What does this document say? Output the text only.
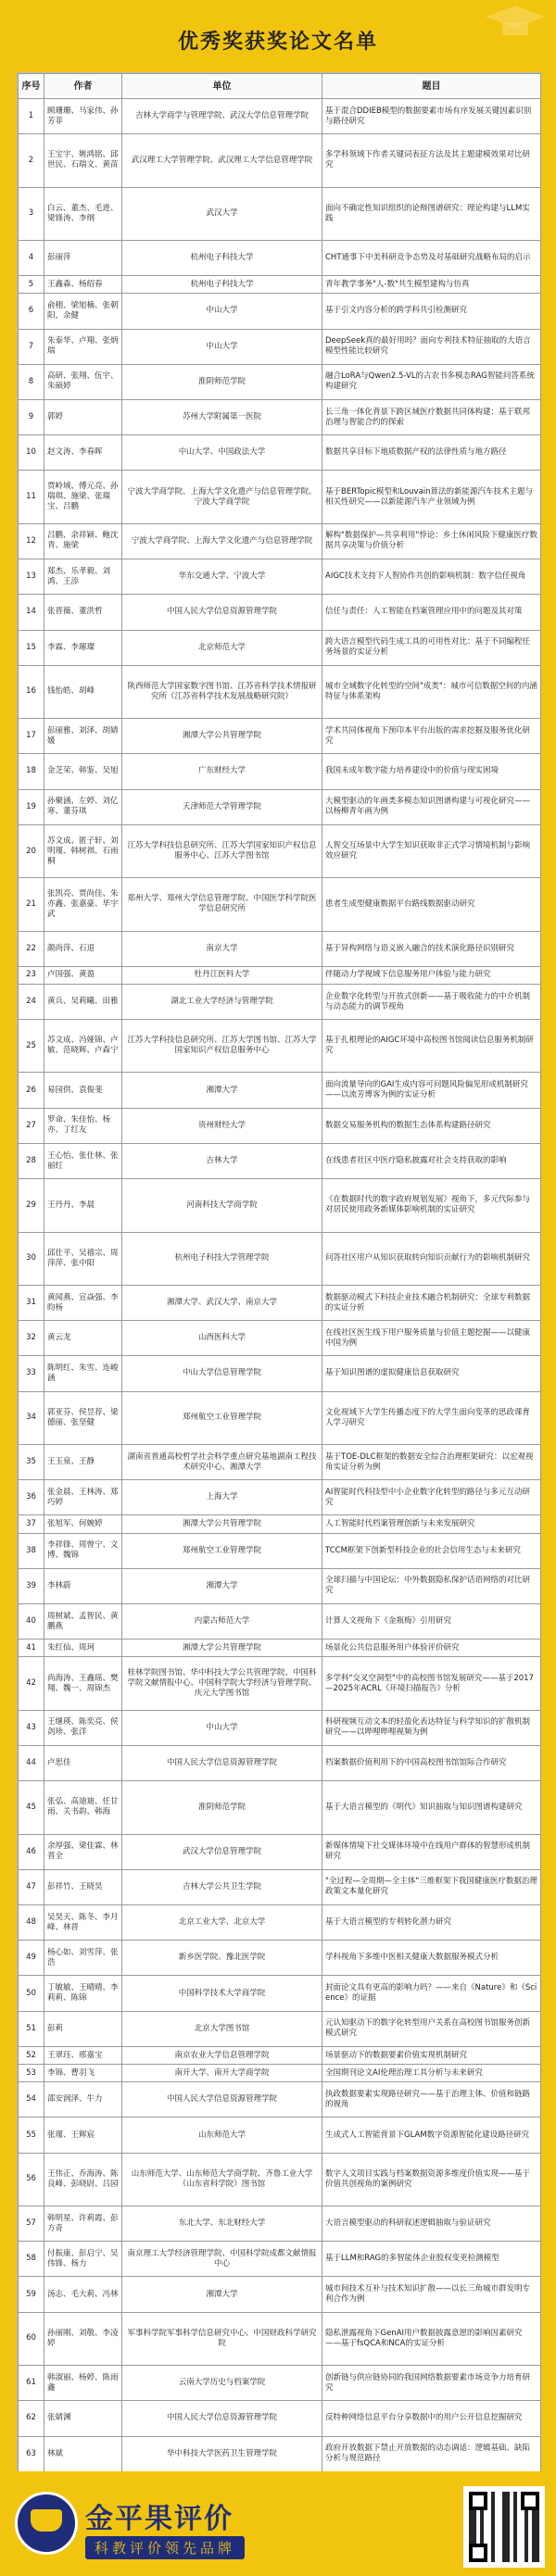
优秀奖获奖论文名单
序号	作者	单位	题目
1	顾珊珊、马家伟、孙芳菲	吉林大学商学与管理学院、武汉大学信息管理学院	基于混合DDIEB模型的数据要素市场有序发展关键因素识别与路径研究
2	王宝宇、姚鸿铭、邱世民、石瑞文、黄苗	武汉理工大学管理学院、武汉理工大学信息管理学院	多学科领域下作者关键词表征方法及其主题建模效果对比研究
3	白云、董杰、毛进、梁锋涛、李纲	武汉大学	面向不确定性知识组织的论辩图谱研究：理论构建与LLM实践
4	彭丽萍	杭州电子科技大学	CHT通事下中美科研竞争态势及对基础研究战略布局的启示
5	王鑫森、杨绍春	杭州电子科技大学	青年教学事务"人-数"共生模型建构与仿真
6	俞栩、梁旭楠、张朝阳、余健	中山大学	基于引文内容分析的跨学科共引检测研究
7	朱泰华、卢翔、张炳瑞	中山大学	DeepSeek真的最好用吗？面向专利技术特征抽取的大语言模型性能比较研究
8	高研、张翔、伍宇、朱硕婷	淮阴师范学院	融合LoRA与Qwen2.5-VL的古农书多模态RAG智能问答系统构建研究
9	郭婷	苏州大学附属第一医院	长三角一体化背景下跨区域医疗数据共同体构建：基于联邦治理与智能合约的探索
10	赵文涛、李春晖	中山大学、中国政法大学	数据共享目标下地质数据产权的法律性质与地方路径
11	贾岭域、傅元亮、孙瑞琪、施梁、张瑞宝、吕鹏	宁波大学商学院、上海大学文化遗产与信息管理学院、宁波大学商学院	基于BERTopic模型和Louvain算法的新能源汽车技术主题与相关性研究——以新能源汽车产业领域为例
12	吕鹏、余祥颖、鲍沈青、施梁	宁波大学商学院、上海大学文化遗产与信息管理学院	解构"数据保护—共享利用"悖论：乡土休闲风险下健康医疗数据共享决策与价值分析
13	郑杰、乐孝毅、刘鸿、王添	华东交通大学、宁波大学	AIGC技术支持下人智协作共创的影响机制：数字信任视角
14	张晋薇、董洪哲	中国人民大学信息资源管理学院	信任与责任：人工智能在档案管理应用中的问题及其对策
15	李霖、李璀璨	北京师范大学	跨大语言模型代码生成工具的可用性对比：基于不同编程任务场景的实证分析
16	钱怡皓、胡峰	陕西师范大学国家数字图书馆、江苏省科学技术情报研究所（江苏省科学技术发展战略研究院）	城市全域数字化转型的空间"成类"：城市可信数据空间的内涵特征与体系架构
17	彭丽雅、刘泽、胡婧媛	湘潭大学公共管理学院	学术共同体视角下预印本平台出版的需求挖掘及服务优化研究
18	金芝荣、韩鉴、吴旭	广东财经大学	我国未成年数字能力培养建设中的价值与现实困境
19	孙聚涵、左婷、刘亿寒、董芬琪	天津师范大学管理学院	大模型驱动的年画类多模态知识图谱构建与可视化研究——以杨柳青年画为例
20	苏文成、匿子轩、刘明瑾、韩树祺、石雨桐	江苏大学科技信息研究所、江苏大学国家知识产权信息服务中心、江苏大学图书馆	人智交互场景中大学生知识获取非正式学习情境机制与影响效应研究
21	张凯亮、贾尚佳、朱亦鑫、张嘉豪、毕宇武	郑州大学、郑州大学信息管理学院、中国医学科学院医学信息研究所	患者生成型健康数据平台路线数据驱动研究
22	颜尚萍、石退	南京大学	基于异构网络与语义嵌入融合的技术演化路径识别研究
23	卢国强、黄盈	牡丹江医科大学	伴随动力学视域下信息服务用户体验与能力研究
24	黄兵、吴莉曦、田雅	湖北工业大学经济与管理学院	企业数字化转型与开放式创新——基于吸收能力的中介机制与动态能力的调节视角
25	苏文成、冯娅锦、卢敏、范晓辉、卢森宁	江苏大学科技信息研究所、江苏大学图书馆、江苏大学国家知识产权信息服务中心	基于扎根理论的AIGC环境中高校图书馆阅读信息服务机制研究
26	易园供、袁俊斐	湘潭大学	面向流量导向的GAI生成内容可问题风险偏见形成机制研究——以流芳博客为例的实证分析
27	罗命、朱佳怡、杨亦、丁红友	贵州财经大学	数据交易服务机构的数据生态体系构建路径研究
28	王心怡、张仕林、张丽红	吉林大学	在线患者社区中医疗隐私披露对社会支持获取的影响
29	王丹丹、李晨	河南科技大学商学院	《在数据时代的数字政府规划发展》视角下，多元代际参与对居民使用政务新媒体影响机制的实证研究
30	邱仕平、吴禧宗、周萍萍、张中阳	杭州电子科技大学管理学院	问答社区用户从知识获取转向知识贡献行为的影响机制研究
31	黄闻燕、宣焱强、李昀杨	湘潭大学、武汉大学、南京大学	数据驱动模式下科技企业技术融合机制研究：全球专利数据的实证分析
32	黄云龙	山西医科大学	在线社区医生线下用户服务质量与价值主题挖掘——以健康中国为例
33	陈明红、朱雪、连峻涵	中山大学信息管理学院	基于知识图谱的虚拟健康信息获取研究
34	郭亚芬、侯昱荐、梁德丽、张坚健	郑州航空工业管理学院	文化视域下大学生传播态度下的大学生面向变革的思政课育人学习研究
35	王玉泉、王静	湖南省普通高校哲学社会科学重点研究基地湖南工程技术研究中心、湘潭大学	基于TOE-DLC框架的数据安全综合治理框架研究：以宏观视角实证分析为例
36	张金晨、王林涛、郑巧婷	上海大学	AI智能时代科技型中小企业数字化转型的路径与多元互动研究
37	张旭军、何婉婷	湘潭大学公共管理学院	人工智能时代档案管理创新与未来发展研究
38	李祥锋、周曾宁、文博、魏锦	郑州航空工业管理学院	TCCM框架下创新型科技企业的社会信用生态与未来研究
39	李林蔚	湘潭大学	全球扫描与中国论坛：中外数据隐私保护话语网络的对比研究
40	周树斌、孟智民、黄鹏燕	内蒙古师范大学	计算人文视角下《金瓶梅》引用研究
41	朱红仙、周珂	湘潭大学公共管理学院	场景化公共信息服务用户体验评价研究
42	尚海涛、王鑫瑶、樊翔、魏一、周锦杰	桂林学院图书馆、华中科技大学公共管理学院、中国科学院文献情报中心、中国科学院大学经济与管理学院、庆元大学图书馆	多学科"交叉空洞型"中的高校图书馆发展研究——基于2017—2025年ACRL《环境扫描报告》分析
43	王继瑛、陈奕亮、侯剑珍、张洋	中山大学	科研视频互动文本的轻盈化表达特征与科学知识的扩散机制研究——以哔哩哔哩视频为例
44	卢思佳	中国人民大学信息资源管理学院	档案数据价值利用下的中国高校图书馆馆际合作研究
45	张弘、高迪迪、任甘雨、关书韵、韩海	淮阴师范学院	基于大语言模型的《明代》知识抽取与知识图谱构建研究
46	余厚强、梁佳霖、林晋全	武汉大学信息管理学院	新媒体情境下社交媒体环境中在线用户群体的智慧形成机制研究
47	彭祥竹、王晓昊	吉林大学公共卫生学院	"全过程—全周期—全主体"三维框架下我国健康医疗数据治理政策文本量化研究
48	吴昊天、陈冬、李月峰、林晋	北京工业大学、北京大学	基于大语言模型的专利转化潜力研究
49	杨心如、刘雪萍、张浩	新乡医学院、豫北医学院	学科视角下多维中医相关健康大数据服务模式分析
50	丁敏敏、王晴晴、李莉莉、陈锦	中国科学技术大学商学院	封面论文具有更高的影响力吗？——来自《Nature》和《Science》的证据
51	彭莉	北京大学图书馆	元认知驱动下的数字化转型用户关系在高校图书馆服务创新模式研究
52	王翠珏、邢嘉宝	南京农业大学信息管理学院	场景驱动下的数据要素价值实现机制研究
53	李锦、曹羽飞	南开大学、南开大学商学院	全国期刊论文AI伦理治理工具分析与未来研究
54	邵安润泽、牛力	中国人民大学信息资源管理学院	执政数据要素实现路径研究——基于治理主体、价值和链路的视角
55	张瑾、王辉宸	山东师范大学	生成式人工智能背景下GLAM数字资源智能化建设路径研究
56	王伟正、乔海涛、陈良峰、彭晓尉、吕园	山东师范大学、山东师范大学商学院、齐鲁工业大学（山东省科学院）图书馆	数字人文项目实践与档案数据资源多维度价值实现——基于价值共创视角的案例研究
57	韩明星、许莉霞、彭方奇	东北大学、东北财经大学	大语言模型驱动的科研叙述逻辑抽取与验证研究
58	付振康、彭启宁、吴伟锋、杨力	南京理工大学经济管理学院、中国科学院成都文献情报中心	基于LLM和RAG的多智能体企业股权变更检测模型
59	汤志、毛大莉、冯林	湘潭大学	城市间技术互补与技术知识扩散——以长三角城市群发明专利合作为例
60	孙丽刚、刘敬、李凌婷	军事科学院军事科学信息研究中心、中国财政科学研究院	隐私泄露视角下GenAI用户数据披露意愿的影响因素研究——基于fsQCA和NCA的实证分析
61	韩淑丽、杨婷、陈雨鑫	云南大学历史与档案学院	创新链与供应链协同的我国网络数据要素市场竞争力培育研究
62	张婧渊	中国人民大学信息资源管理学院	反特种网络信息平台分享数据中的用户公开信息挖掘研究
63	林斌	华中科技大学医药卫生管理学院	政府开放数据下禁止开放数据的动态调适：逻辑基础、缺陷分析与规范路径
金平果评价
科教评价领先品牌
